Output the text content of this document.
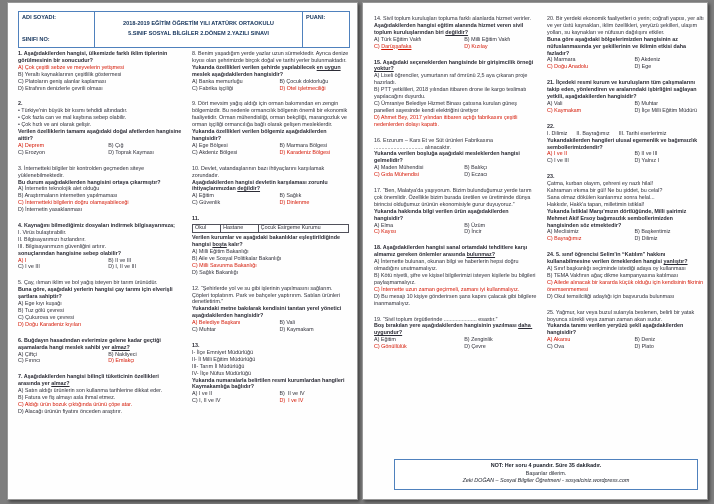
ADI SOYADI:
SINIFI NO:
2018-2019 EĞİTİM ÖĞRETİM YILI ATATÜRK ORTAOKULU
5.SINIF SOSYAL BİLGİLER 2.DÖNEM 2.YAZILI SINAVI
PUANI:
1. Aşağıdakilerden hangisi, ülkemizde farklı iklim tiplerinin görülmesinin bir sonucudur?
A) Çok çeşitli sebze ve meyvelerin yetişmesi
B) Yeraltı kaynaklarının çeşitlilik göstermesi
C) Platoların geniş alanlar kaplaması
D) Etrafının denizlerle çevrili olması
2.
• Türkiye'nin büyük bir kısmı tehdidi altındadır.
• Çok fazla can ve mal kaybına sebep olabilir.
• Çok hızlı ve ani olarak gelişir.
Verilen özelliklerin tamamı aşağıdaki doğal afetlerden hangisine aittir?
A) Deprem	B) Çığ
C) Erozyon	D) Toprak Kayması
3. İnternetteki bilgiler bir kontrolden geçmeden siteye yüklenebilmektedir.
Bu durum aşağıdakilerden hangisini ortaya çıkarmıştır?
A) İnternetin teknolojik alet olduğu
B) Araştırmaların internetten yapılmaması
C) İnternetteki bilgilerin doğru olamayabileceği
D) İnternetin yasaklanması
4. Kaynağını bilmediğimiz dosyaları indirmek bilgisayarımıza;
I. Virüs bulaştırabilir.
II. Bilgisayarımızı hızlandırır.
III. Bilgisayarımızın güvenliğini artırır.
sonuçlarından hangisine sebep olabilir?
A) I	B) II ve III
C) I ve III	D) I, II ve III
5. Çay, ılıman iklim ve bol yağış isteyen bir tarım ürünüdür.
Buna göre, aşağıdaki yerlerin hangisi çay tarımı için elverişli şartlara sahiptir?
A) Ege kıyı kuşağı
B) Tuz gölü çevresi
C) Çukurova ve çevresi
D) Doğu Karadeniz kıyıları
6. Buğdayın hasadından evlerimize gelene kadar geçtiği aşamalarda hangi meslek sahibi yer almaz?
A) Çiftçi	B) Nakliyeci
C) Fırıncı	D) Emlakçı
7. Aşağıdakilerden hangisi bilinçli tüketicinin özellikleri arasında yer almaz?
A) Satın aldığı ürünlerin son kullanma tarihlerine dikkat eder.
B) Fatura ve fiş almayı asla ihmal etmez.
C) Aldığı ürün bozuk çıktığında ürünü çöpe atar.
D) Alacağı ürünün fiyatını önceden araştırır.
8. Benim yaşadığım yerde yazlar uzun sürmektedir. Ayrıca denize kıyısı olan şehrimizde birçok doğal ve tarihi yerler bulunmaktadır.
Yukarıda özellikleri verilen şehirde yapılabilecek en uygun meslek aşağıdakilerden hangisidir?
A) Banka memurluğu	B) Çocuk doktorluğu
C) Fabrika işçiliği	D) Otel işletmeciliği
9. Dört mevsim yağış aldığı için orman bakımından en zengin bölgemizdir. Bu nedenle ormancılık bölgenin önemli bir ekonomik faaliyetidir. Orman mühendisliği, orman bekçiliği, marangozluk ve orman işçiliği ormancılığa bağlı olarak gelişen mesleklerdir.
Yukarıda özellikleri verilen bölgemiz aşağıdakilerden hangisidir?
A) Ege Bölgesi	B) Marmara Bölgesi
C) Akdeniz Bölgesi	D) Karadeniz Bölgesi
10. Devlet, vatandaşlarının bazı ihtiyaçlarını karşılamak zorundadır.
Aşağıdakilerden hangisi devletin karşılaması zorunlu ihtiyaçlarımızdan değildir?
A) Eğitim	B) Sağlık
C) Güvenlik	D) Dinlenme
11.
Okul	Hastane	Çocuk Esirgeme Kurumu
Verilen kurumlar ve aşağıdaki bakanlıklar eşleştirildiğinde hangisi boşta kalır?
A) Milli Eğitim Bakanlığı
B) Aile ve Sosyal Politikalar Bakanlığı
C) Milli Savunma Bakanlığı
D) Sağlık Bakanlığı
12. “Şehirlerde yol ve su gibi işlerinin yapılmasını sağlarım. Çöpleri toplatırım. Park ve bahçeler yaptırırım. Satılan ürünleri denetletirim.”
Yukarıdaki metne bakılarak kendisini tanıtan yerel yönetici aşağıdakilerden hangisidir?
A) Belediye Başkanı	B) Vali
C) Muhtar	D) Kaymakam
13.
I- İlçe Emniyet Müdürlüğü
II- İl Milli Eğitim Müdürlüğü
III- Tarım İl Müdürlüğü
IV- İlçe Nüfus Müdürlüğü
Yukarıda numaralarla belirtilen resmi kurumlardan hangileri Kaymakamlığa bağlıdır?
A) I ve II	B)  II ve IV
C) I, II ve IV	D)  I ve IV
14. Sivil toplum kuruluşları topluma farklı alanlarda hizmet verirler.
Aşağıdakilerden hangisi eğitim alanında hizmet veren sivil toplum kuruluşlarından biri değildir?
A) Türk Eğitim Vakfı	B) Milli Eğitim Vakfı
C) Darüşşafaka	D) Kızılay
15. Aşağıdaki seçeneklerden hangisinde bir girişimcilik örneği yoktur?
A) Liseli öğrenciler, yumurtanın raf ömrünü 2,5 aya çıkaran proje hazırladı.
B) PTT yetkilileri, 2018 yılından itibaren drone ile kargo teslimatı yapılacağını duyurdu.
C) Ümraniye Belediye Hizmet Binası çatısına kurulan güneş panelleri sayesinde kendi elektriğini üretiyor
D) Ahmet Bey, 2017 yılından itibaren açtığı fabrikasını çeşitli nedenlerden dolayı kapattı.
16. Erzurum – Kars Et ve Süt ürünleri Fabrikasına ................................. alınacaktır.
Yukarıda verilen boşluğa aşağıdaki mesleklerden hangisi gelmelidir?
A) Maden Mühendisi	B) Balıkçı
C) Gıda Mühendisi	D) Eczacı
17. “Ben, Malatya'da yaşıyorum. Bizim bulunduğumuz yerde tarım çok önemlidir. Özellikle bizim burada üretilen ve üretiminde dünya birincisi olduğumuz ürünün ekonomisiyle gurur duyuyoruz.”
Yukarıda hakkında bilgi verilen ürün aşağıdakilerden hangisidir?
A) Elma	B) Üzüm
C) Kayısı	D) İncir
18. Aşağıdakilerden hangisi sanal ortamdaki tehditlere karşı almamız gereken önlemler arasında bulunmaz?
A) İnternette bulunan, okunan bilgi ve haberlerin hepsi doğru olmadığını unutmamalıyız.
B) Kötü niyetli, şifre ve kişisel bilgilerimizi isteyen kişilerle bu bilgileri paylaşmamalıyız.
C) İnternette uzun zaman geçirmeli, zamanı iyi kullanmalıyız.
D) Bu mesajı 10 kişiye gönderirsen şans kapını çalacak gibi bilgilere inanmamalıyız.
19. “Sivil toplum örgütlerinde ...................... esastır.”
Boş bırakılan yere aşağıdakilerden hangisinin yazılması daha uygundur?
A) Eğitim	B) Zenginlik
C) Gönüllülük	D) Çevre
20. Bir yerdeki ekonomik faaliyetleri o yerin; coğrafi yapısı, yer altı ve yer üstü kaynakları, iklim özellikleri, yeryüzü şekilleri, ulaşım yolları, su kaynakları ve nüfusun dağılışını etkiler.
Buna göre aşağıdaki bölgelerimizden hangisinin az nüfuslanmasında yer şekillerinin ve iklimin etkisi daha fazladır?
A) Marmara	B) Akdeniz
C) Doğu Anadolu	D) Ege
21. İlçedeki resmi kurum ve kuruluşların tüm çalışmalarını takip eden, yönlendiren ve aralarındaki işbirliğini sağlayan yetkili, aşağıdakilerden hangisidir?
A) Vali	B) Muhtar
C) Kaymakam	D) İlçe Milli Eğitim Müdürü
22.
I. Dilimiz      II. Bayrağımız      III. Tarihi eserlerimiz
Yukarıdakilerden hangileri ulusal egemenlik ve bağımsızlık sembollerimizdendir?
A) I ve II	B) II ve III
C) I ve III	D) Yalnız I
23.
Çatma, kurban olayım, çehreni ey nazlı hilal!
Kahraman ırkıma bir gül! Ne bu şiddet, bu celal?
Sana olmaz dökülen kanlarımız sonra helal...
Hakkıdır, Hakk'a tapan, milletimin istiklal!
Yukarıda İstiklal Marşı'mızın dörtlüğünde, Milli şairimiz Mehmet Akif Ersoy bağımsızlık sembollerimizden hangisinden söz etmektedir?
A) Meclisimiz	B) Başkentimiz
C) Bayrağımız	D) Dilimiz
24. 5. sınıf öğrencisi Selim'in “Katılım” hakkını kullanabilmesine verilen örneklerden hangisi yanlıştır?
A) Sınıf başkanlığı seçiminde istediği adaya oy kullanması
B) TEMA Vakfının ağaç dikme kampanyasına katılması
C) Ailede alınacak bir kararda küçük olduğu için kendisinin fikrinin önemsenmemesi
D) Okul temsilciliği adaylığı için başvuruda bulunması
25. Yağmur, kar veya buzul sularıyla beslenen, belirli bir yatak boyunca sürekli veya zaman zaman akan sudur.
Yukarıda tanımı verilen yeryüzü şekli aşağıdakilerden hangisidir?
A) Akarsu	B) Deniz
C) Ova	D) Plato
NOT: Her soru 4 puandır. Süre 35 dakikadır.
Başarılar dilerim.
Zeki DOĞAN – Sosyal Bilgiler Öğretmeni - sosyalciniz.wordpress.com
